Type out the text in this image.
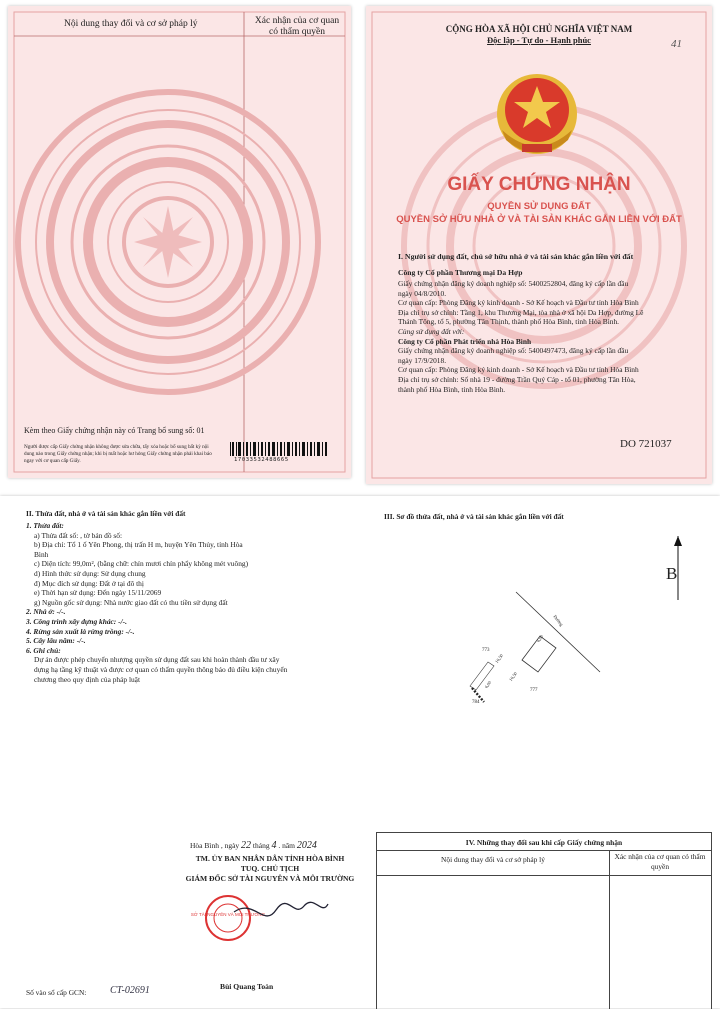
Nội dung thay đổi và cơ sở pháp lý	Xác nhận của cơ quan có thẩm quyền

Kèm theo Giấy chứng nhận này có Trang bổ sung số: 01

Người được cấp Giấy chứng nhận không được sửa chữa, tẩy xóa hoặc bổ sung bất kỳ nội dung nào trong Giấy chứng nhận; khi bị mất hoặc hư hỏng Giấy chứng nhận phải khai báo ngay với cơ quan cấp Giấy.	17033532488665

CỘNG HÒA XÃ HỘI CHỦ NGHĨA VIỆT NAM

Độc lập - Tự do - Hạnh phúc	41

GIẤY CHỨNG NHẬN

QUYỀN SỬ DỤNG ĐẤT

QUYỀN SỞ HỮU NHÀ Ở VÀ TÀI SẢN KHÁC GẮN LIỀN VỚI ĐẤT

I. Người sử dụng đất, chủ sở hữu nhà ở và tài sản khác gắn liền với đất

Công ty Cổ phần Thương mại Da Hợp

Giấy chứng nhận đăng ký doanh nghiệp số: 5400252804, đăng ký cấp lần đầu

ngày 04/8/2010.

Cơ quan cấp: Phòng Đăng ký kinh doanh - Sở Kế hoạch và Đầu tư tỉnh Hòa Bình

Địa chỉ trụ sở chính: Tầng 1, khu Thương Mại, tòa nhà ở xã hội Da Hợp, đường Lê

Thánh Tông, tổ 5, phường Tân Thịnh, thành phố Hòa Bình, tỉnh Hòa Bình.

Cùng sử dụng đất với:

Công ty Cổ phần Phát triển nhà Hòa Bình

Giấy chứng nhận đăng ký doanh nghiệp số: 5400497473, đăng ký cấp lần đầu

ngày 17/9/2018.

Cơ quan cấp: Phòng Đăng ký kinh doanh - Sở Kế hoạch và Đầu tư tỉnh Hòa Bình

Địa chỉ trụ sở chính: Số nhà 19 - đường Trần Quý Cáp - tổ 01, phường Tân Hòa,

thành phố Hòa Bình, tỉnh Hòa Bình.

DO 721037

II. Thửa đất, nhà ở và tài sản khác gắn liền với đất

1. Thửa đất:

a) Thửa đất số: , tờ bản đồ số:

b) Địa chỉ: Tổ 1 ố Yên Phong, thị trấn H m, huyện Yên Thủy, tỉnh Hòa

Bình

c) Diện tích: 99,0m², (bằng chữ: chín mươi chín phẩy không mét vuông)

d) Hình thức sử dụng: Sử dụng chung

đ) Mục đích sử dụng: Đất ở tại đô thị

e) Thời hạn sử dụng: Đến ngày 15/11/2069

g) Nguồn gốc sử dụng: Nhà nước giao đất có thu tiền sử dụng đất

2. Nhà ở: -/-.

3. Công trình xây dựng khác: -/-.

4. Rừng sản xuất là rừng trồng: -/-.

5. Cây lâu năm: -/-.

6. Ghi chú:

Dự án được phép chuyển nhượng quyền sử dụng đất sau khi hoàn thành đầu tư xây

dựng hạ tầng kỹ thuật và được cơ quan có thẩm quyền thông báo đủ điều kiện chuyển

chương theo quy định của pháp luật

III. Sơ đồ thửa đất, nhà ở và tài sản khác gắn liền với đất

B

Đường

773

777

784

16,50

6,00

16,50

6,00

Hòa Bình , ngày 22 tháng 4 . năm 2024

TM. ỦY BAN NHÂN DÂN TỈNH HÒA BÌNH

TUQ. CHỦ TỊCH

GIÁM ĐỐC SỞ TÀI NGUYÊN VÀ MÔI TRƯỜNG

SỞ TÀI NGUYÊN VÀ MÔI TRƯỜNG

Bùi Quang Toàn

Số vào sổ cấp GCN: CT-02691

IV. Những thay đổi sau khi cấp Giấy chứng nhận

Nội dung thay đổi và cơ sở pháp lý	Xác nhận của cơ quan có thẩm quyền
